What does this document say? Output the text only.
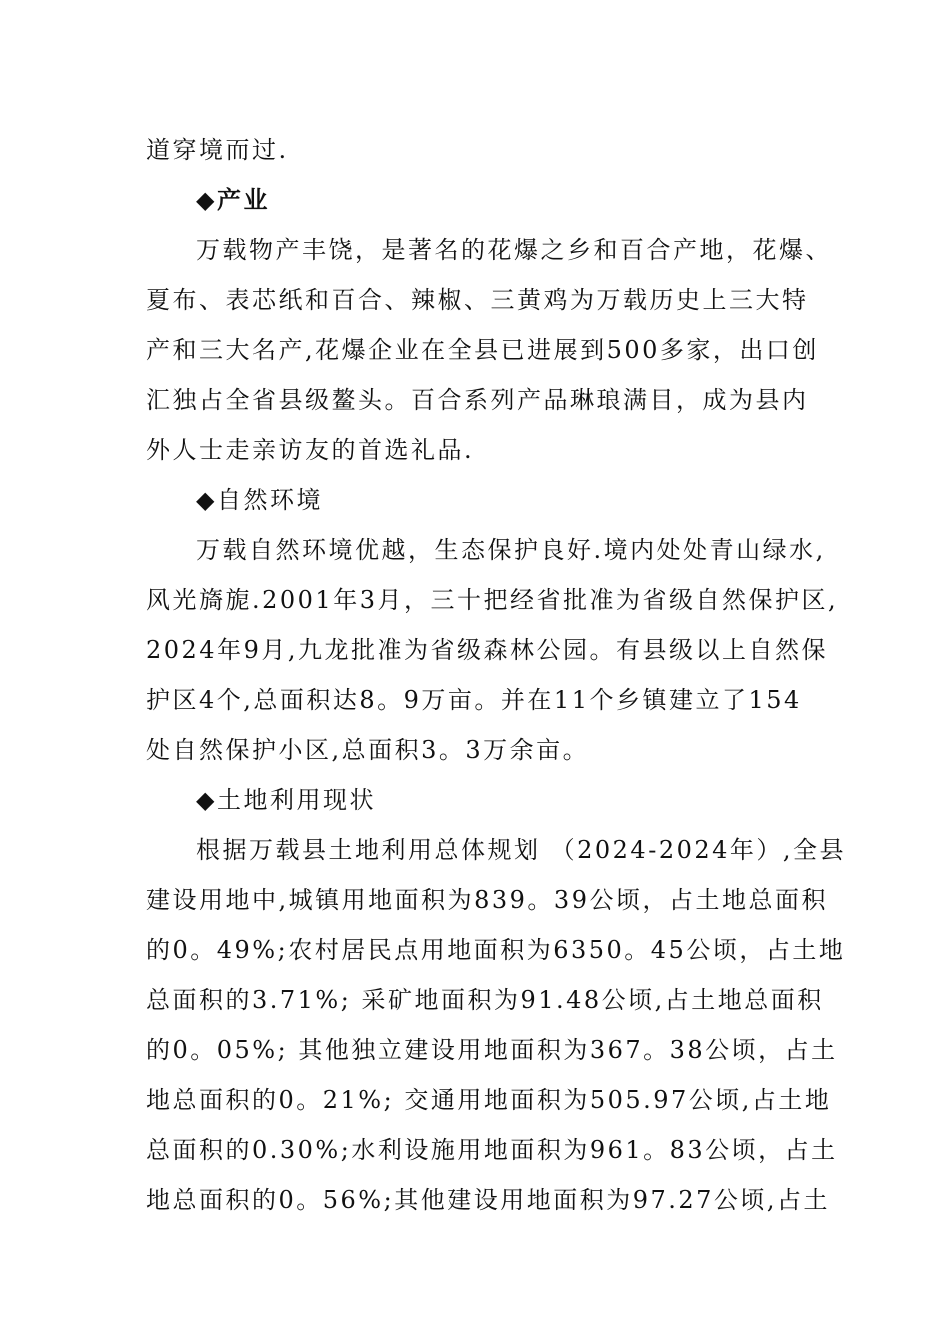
道穿境而过.
◆产业
万载物产丰饶，是著名的花爆之乡和百合产地，花爆、
夏布、表芯纸和百合、辣椒、三黄鸡为万载历史上三大特
产和三大名产,花爆企业在全县已进展到500多家，出口创
汇独占全省县级鳌头。百合系列产品琳琅满目，成为县内
外人士走亲访友的首选礼品.
◆自然环境
万载自然环境优越，生态保护良好.境内处处青山绿水,
风光旖旎.2001年3月，三十把经省批准为省级自然保护区,
2024年9月,九龙批准为省级森林公园。有县级以上自然保
护区4个,总面积达8。9万亩。并在11个乡镇建立了154
处自然保护小区,总面积3。3万余亩。
◆土地利用现状
根据万载县土地利用总体规划 （2024-2024年）,全县
建设用地中,城镇用地面积为839。39公顷，占土地总面积
的0。49%;农村居民点用地面积为6350。45公顷，占土地
总面积的3.71%; 采矿地面积为91.48公顷,占土地总面积
的0。05%; 其他独立建设用地面积为367。38公顷，占土
地总面积的0。21%; 交通用地面积为505.97公顷,占土地
总面积的0.30%;水利设施用地面积为961。83公顷，占土
地总面积的0。56%;其他建设用地面积为97.27公顷,占土
